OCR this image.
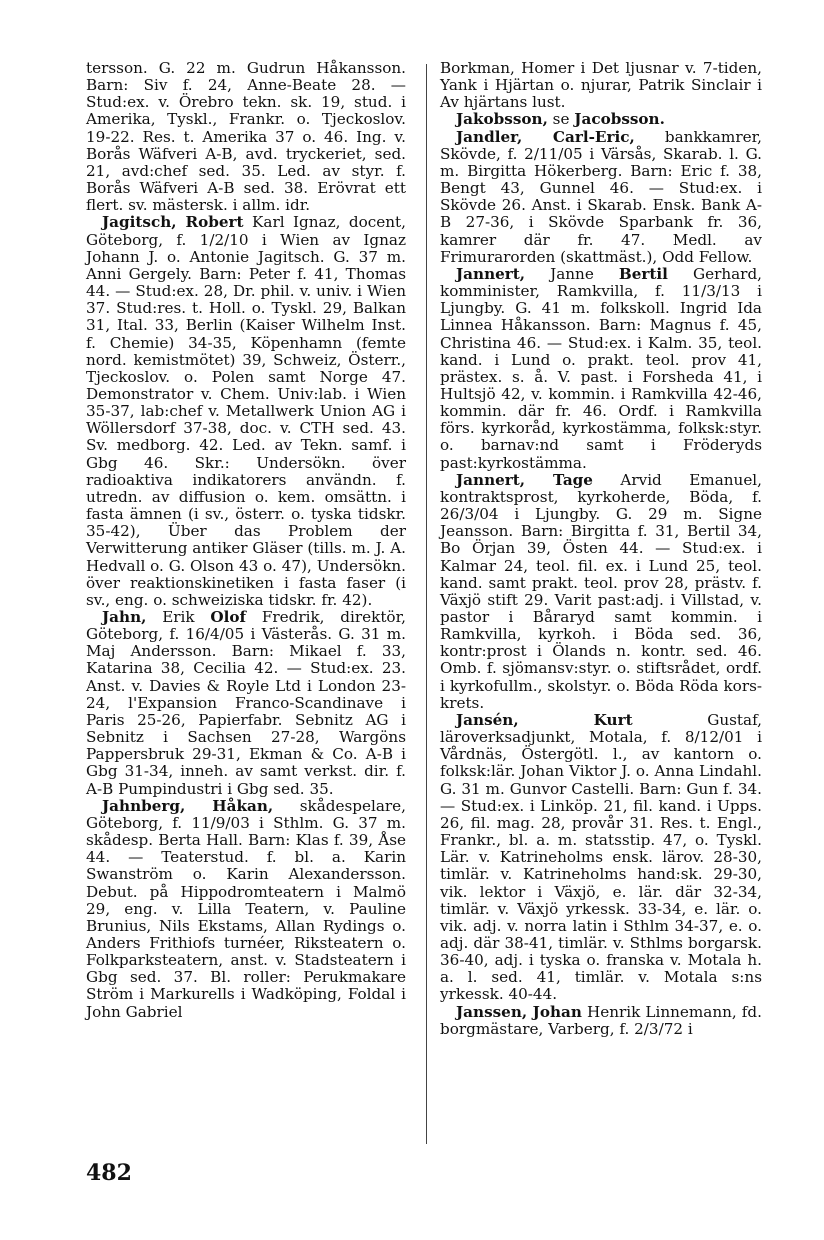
tersson. G. 22 m. Gudrun Håkansson. Barn: Siv f. 24, Anne-Beate 28. — Stud:ex. v. Örebro tekn. sk. 19, stud. i Amerika, Tyskl., Frankr. o. Tjeckoslov. 19-22. Res. t. Amerika 37 o. 46. Ing. v. Borås Wäfveri A-B, avd. tryckeriet, sed. 21, avd:chef sed. 35. Led. av styr. f. Borås Wäfveri A-B sed. 38. Erövrat ett flert. sv. mästersk. i allm. idr.

Jagitsch, Robert Karl Ignaz, docent, Göteborg, f. 1/2/10 i Wien av Ignaz Johann J. o. Antonie Jagitsch. G. 37 m. Anni Gergely. Barn: Peter f. 41, Thomas 44. — Stud:ex. 28, Dr. phil. v. univ. i Wien 37. Stud:res. t. Holl. o. Tyskl. 29, Balkan 31, Ital. 33, Berlin (Kaiser Wilhelm Inst. f. Chemie) 34-35, Köpenhamn (femte nord. kemistmötet) 39, Schweiz, Österr., Tjeckoslov. o. Polen samt Norge 47. Demonstrator v. Chem. Univ:lab. i Wien 35-37, lab:chef v. Metallwerk Union AG i Wöllersdorf 37-38, doc. v. CTH sed. 43. Sv. medborg. 42. Led. av Tekn. samf. i Gbg 46. Skr.: Undersökn. över radioaktiva indikatorers användn. f. utredn. av diffusion o. kem. omsättn. i fasta ämnen (i sv., österr. o. tyska tidskr. 35-42), Über das Problem der Verwitterung antiker Gläser (tills. m. J. A. Hedvall o. G. Olson 43 o. 47), Undersökn. över reaktionskinetiken i fasta faser (i sv., eng. o. schweiziska tidskr. fr. 42).

Jahn, Erik Olof Fredrik, direktör, Göteborg, f. 16/4/05 i Västerås. G. 31 m. Maj Andersson. Barn: Mikael f. 33, Katarina 38, Cecilia 42. — Stud:ex. 23. Anst. v. Davies & Royle Ltd i London 23-24, l'Expansion Franco-Scandinave i Paris 25-26, Papierfabr. Sebnitz AG i Sebnitz i Sachsen 27-28, Wargöns Pappersbruk 29-31, Ekman & Co. A-B i Gbg 31-34, inneh. av samt verkst. dir. f. A-B Pumpindustri i Gbg sed. 35.

Jahnberg, Håkan, skådespelare, Göteborg, f. 11/9/03 i Sthlm. G. 37 m. skådesp. Berta Hall. Barn: Klas f. 39, Åse 44. — Teaterstud. f. bl. a. Karin Swanström o. Karin Alexandersson. Debut. på Hippodromteatern i Malmö 29, eng. v. Lilla Teatern, v. Pauline Brunius, Nils Ekstams, Allan Rydings o. Anders Frithiofs turnéer, Riksteatern o. Folkparksteatern, anst. v. Stadsteatern i Gbg sed. 37. Bl. roller: Perukmakare Ström i Markurells i Wadköping, Foldal i John Gabriel

Borkman, Homer i Det ljusnar v. 7-tiden, Yank i Hjärtan o. njurar, Patrik Sinclair i Av hjärtans lust.

Jakobsson, se Jacobsson.

Jandler, Carl-Eric, bankkamrer, Skövde, f. 2/11/05 i Värsås, Skarab. l. G. m. Birgitta Hökerberg. Barn: Eric f. 38, Bengt 43, Gunnel 46. — Stud:ex. i Skövde 26. Anst. i Skarab. Ensk. Bank A-B 27-36, i Skövde Sparbank fr. 36, kamrer där fr. 47. Medl. av Frimurarorden (skattmäst.), Odd Fellow.

Jannert, Janne Bertil Gerhard, komminister, Ramkvilla, f. 11/3/13 i Ljungby. G. 41 m. folkskoll. Ingrid Ida Linnea Håkansson. Barn: Magnus f. 45, Christina 46. — Stud:ex. i Kalm. 35, teol. kand. i Lund o. prakt. teol. prov 41, prästex. s. å. V. past. i Forsheda 41, i Hultsjö 42, v. kommin. i Ramkvilla 42-46, kommin. där fr. 46. Ordf. i Ramkvilla förs. kyrkoråd, kyrkostämma, folksk:styr. o. barnav:nd samt i Fröderyds past:kyrkostämma.

Jannert, Tage Arvid Emanuel, kontraktsprost, kyrkoherde, Böda, f. 26/3/04 i Ljungby. G. 29 m. Signe Jeansson. Barn: Birgitta f. 31, Bertil 34, Bo Örjan 39, Östen 44. — Stud:ex. i Kalmar 24, teol. fil. ex. i Lund 25, teol. kand. samt prakt. teol. prov 28, prästv. f. Växjö stift 29. Varit past:adj. i Villstad, v. pastor i Båraryd samt kommin. i Ramkvilla, kyrkoh. i Böda sed. 36, kontr:prost i Ölands n. kontr. sed. 46. Omb. f. sjömansv:styr. o. stiftsrådet, ordf. i kyrkofullm., skolstyr. o. Böda Röda kors-krets.

Jansén, Kurt Gustaf, läroverksadjunkt, Motala, f. 8/12/01 i Vårdnäs, Östergötl. l., av kantorn o. folksk:lär. Johan Viktor J. o. Anna Lindahl. G. 31 m. Gunvor Castelli. Barn: Gun f. 34. — Stud:ex. i Linköp. 21, fil. kand. i Upps. 26, fil. mag. 28, provår 31. Res. t. Engl., Frankr., bl. a. m. statsstip. 47, o. Tyskl. Lär. v. Katrineholms ensk. lärov. 28-30, timlär. v. Katrineholms hand:sk. 29-30, vik. lektor i Växjö, e. lär. där 32-34, timlär. v. Växjö yrkessk. 33-34, e. lär. o. vik. adj. v. norra latin i Sthlm 34-37, e. o. adj. där 38-41, timlär. v. Sthlms borgarsk. 36-40, adj. i tyska o. franska v. Motala h. a. l. sed. 41, timlär. v. Motala s:ns yrkessk. 40-44.

Janssen, Johan Henrik Linnemann, fd. borgmästare, Varberg, f. 2/3/72 i

482
